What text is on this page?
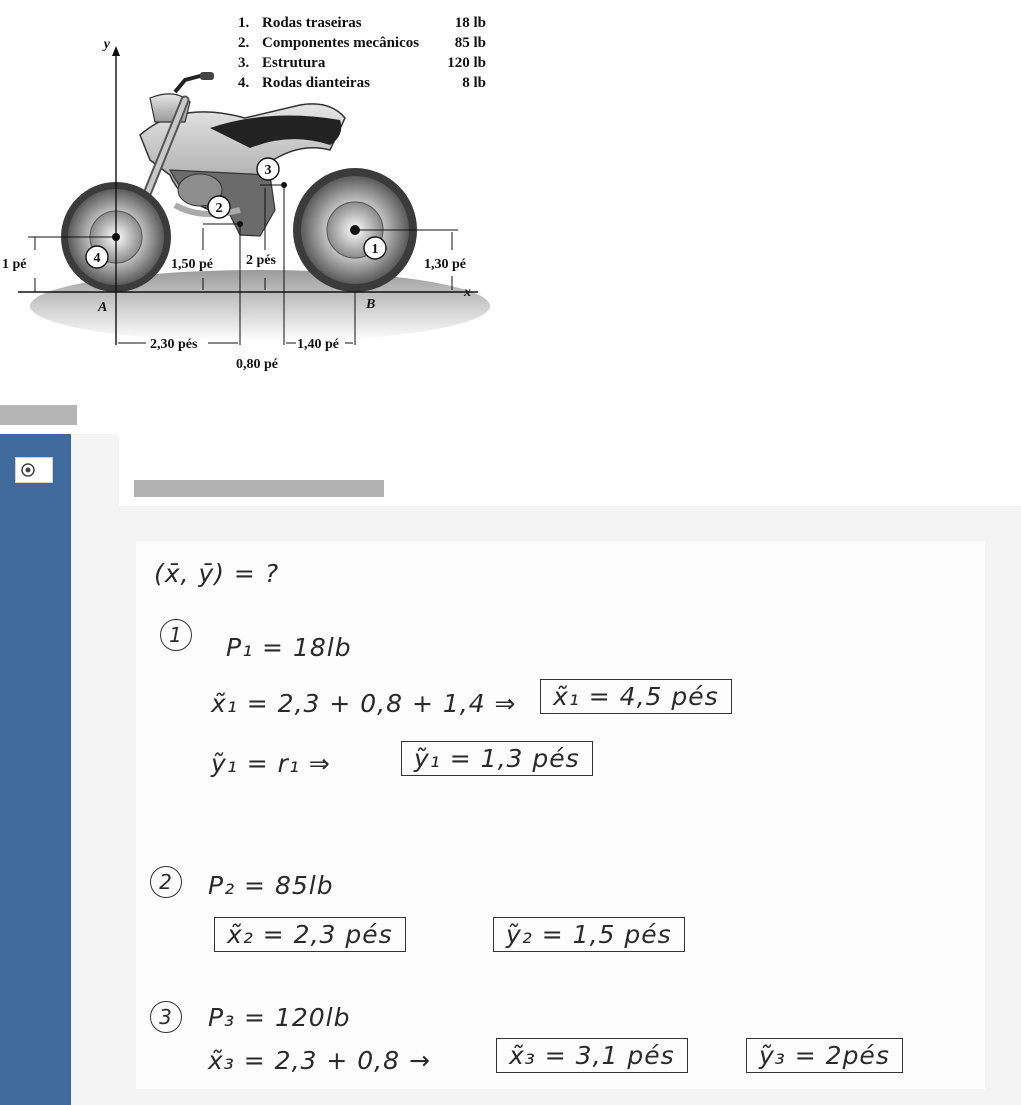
1. Rodas traseiras	18 lb
2. Componentes mecânicos 85 lb
3. Estrutura	120 lb
4. Rodas dianteiras	8 lb
y
x
A	B
4
2
3
1
1 pé	1,50 pé 2 pés	1,30 pé
2,30 pés
0,80 pé
1,40 pé
(x̄, ȳ) = ?
1	P₁ = 18lb
x̃₁ = 2,3 + 0,8 + 1,4 ⇒	x̃₁ = 4,5 pés
ỹ₁ = r₁ ⇒	ỹ₁ = 1,3 pés
2	P₂ = 85lb
x̃₂ = 2,3 pés	ỹ₂ = 1,5 pés
3	P₃ = 120lb
x̃₃ = 2,3 + 0,8 →	x̃₃ = 3,1 pés	ỹ₃ = 2pés
